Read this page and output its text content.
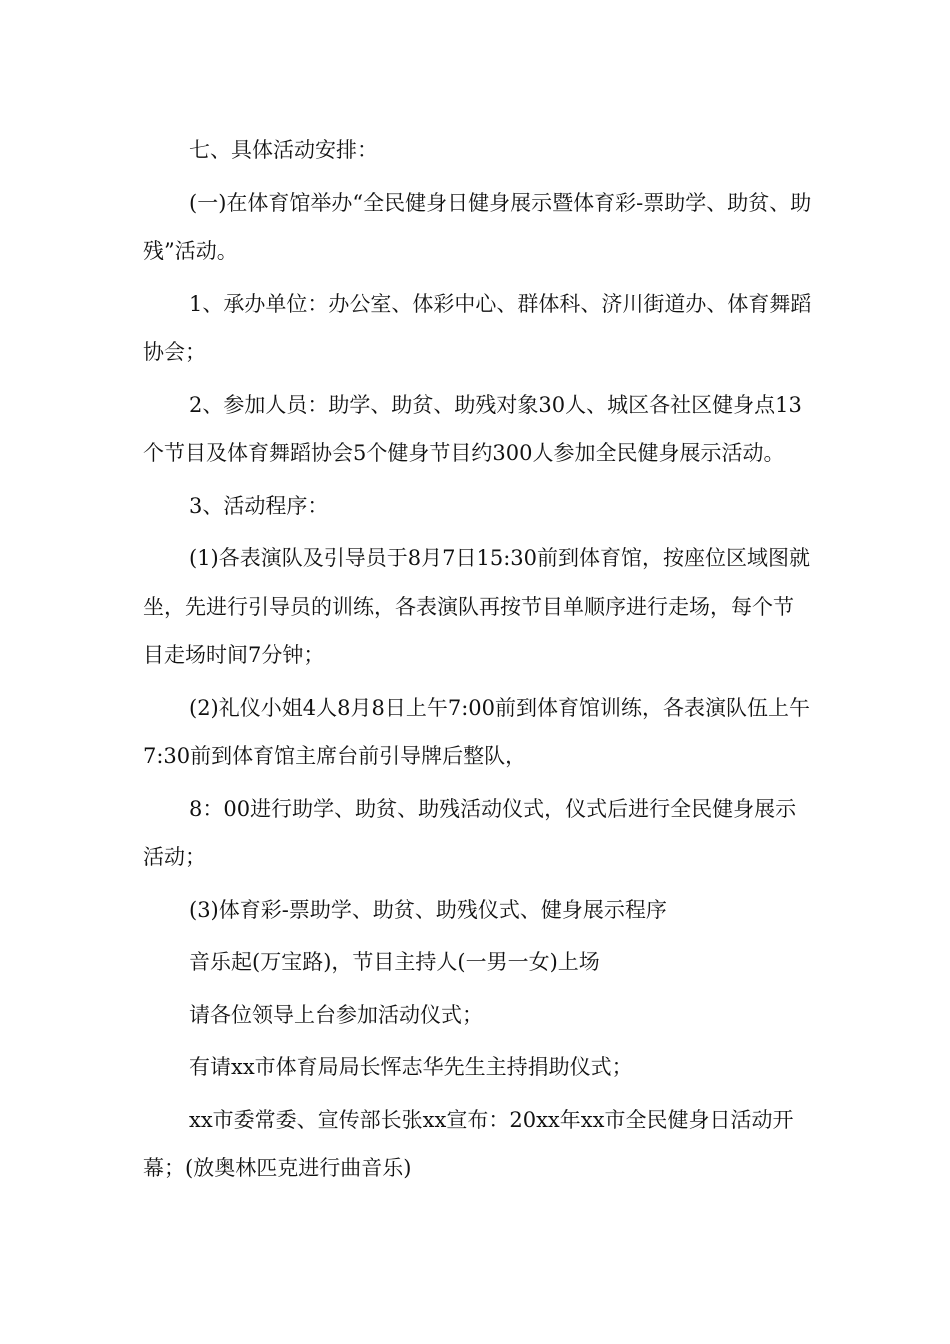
七、具体活动安排：

(一)在体育馆举办“全民健身日健身展示暨体育彩-票助学、助贫、助残”活动。

1、承办单位：办公室、体彩中心、群体科、济川街道办、体育舞蹈协会；

2、参加人员：助学、助贫、助残对象30人、城区各社区健身点13个节目及体育舞蹈协会5个健身节目约300人参加全民健身展示活动。

3、活动程序：

(1)各表演队及引导员于8月7日15:30前到体育馆，按座位区域图就坐，先进行引导员的训练，各表演队再按节目单顺序进行走场，每个节目走场时间7分钟；

(2)礼仪小姐4人8月8日上午7:00前到体育馆训练，各表演队伍上午7:30前到体育馆主席台前引导牌后整队，

8：00进行助学、助贫、助残活动仪式，仪式后进行全民健身展示活动；

(3)体育彩-票助学、助贫、助残仪式、健身展示程序

音乐起(万宝路)，节目主持人(一男一女)上场

请各位领导上台参加活动仪式；

有请xx市体育局局长恽志华先生主持捐助仪式；

xx市委常委、宣传部长张xx宣布：20xx年xx市全民健身日活动开幕；(放奥林匹克进行曲音乐)
